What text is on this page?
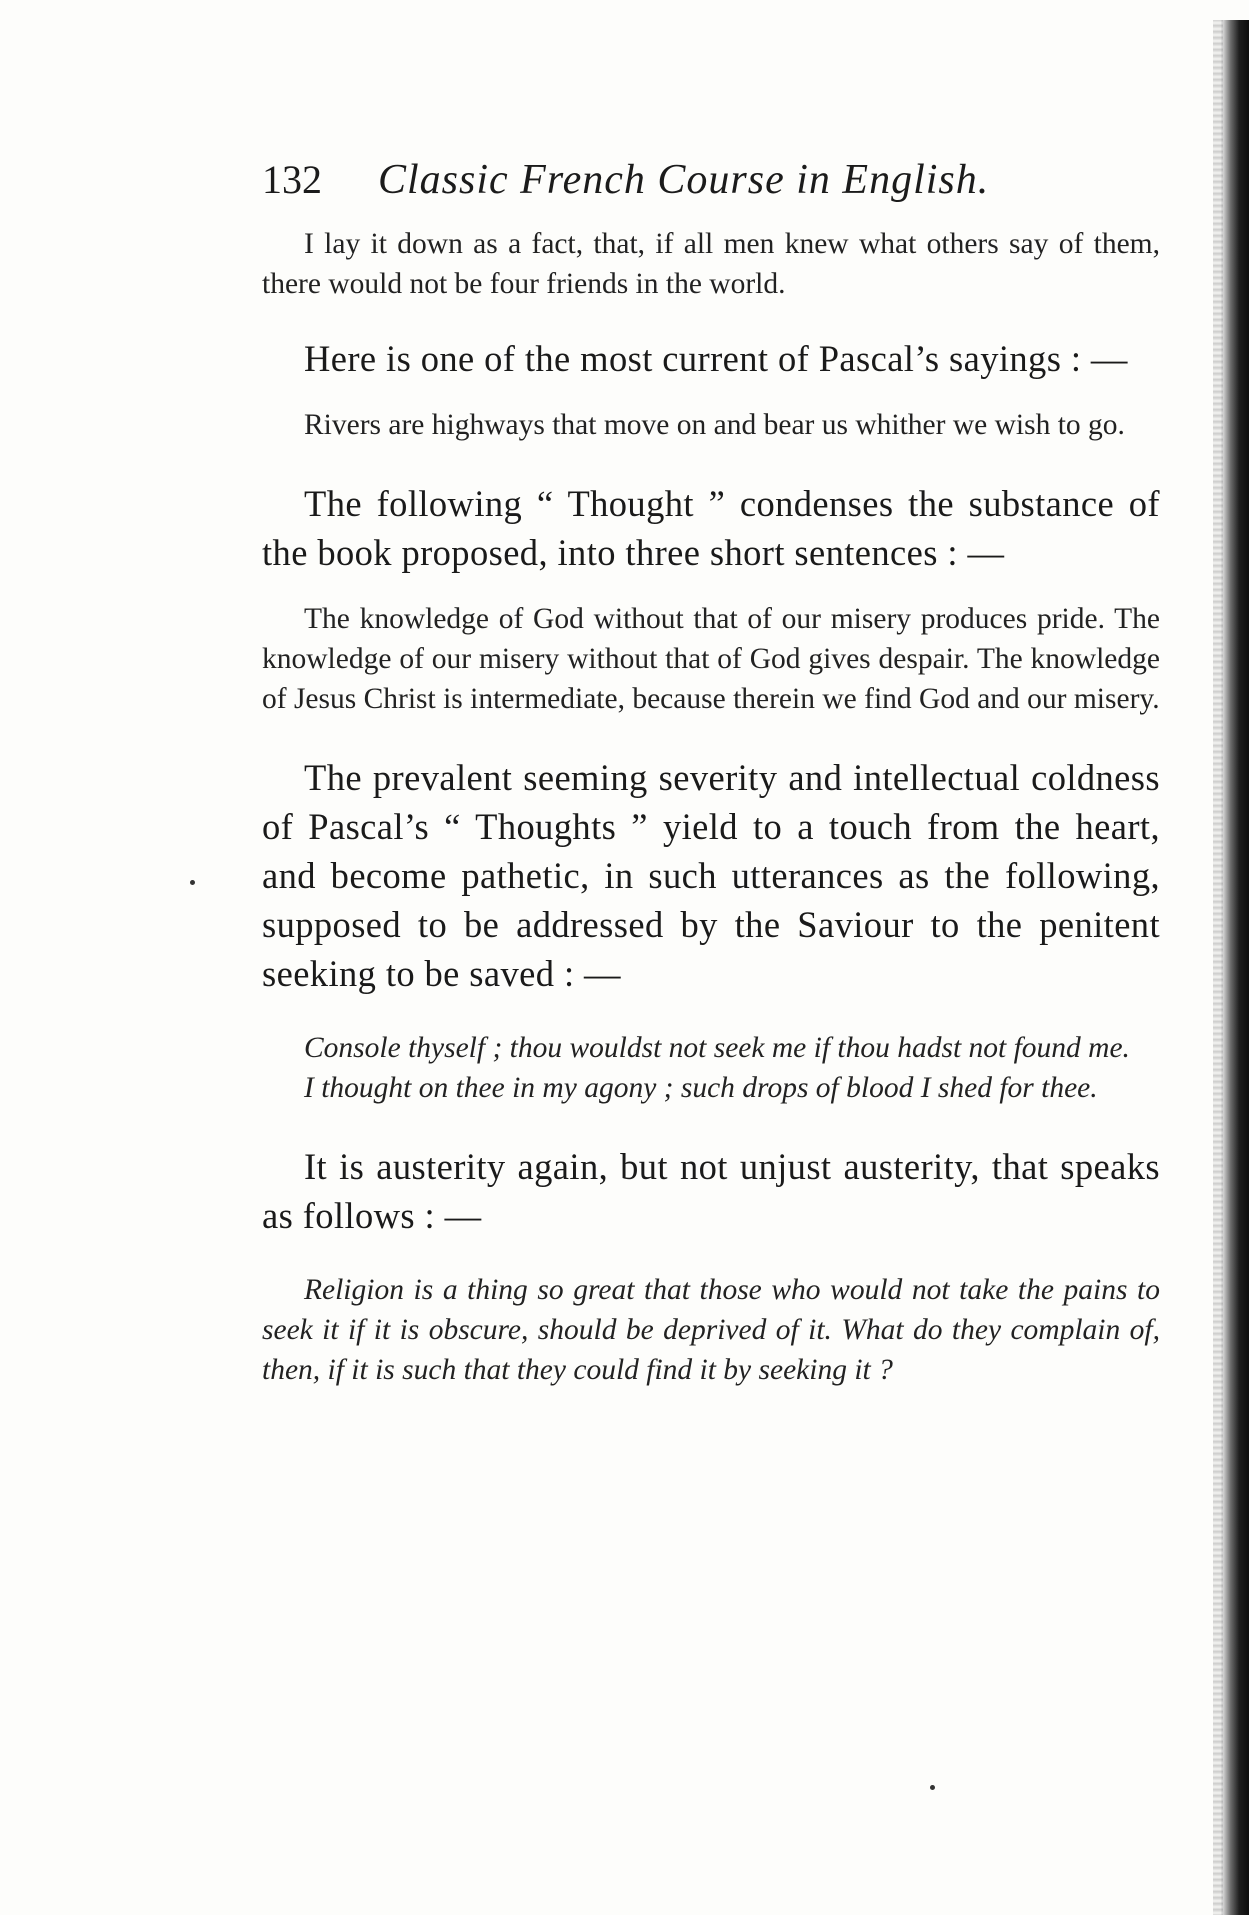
132 Classic French Course in English.

I lay it down as a fact, that, if all men knew what others say of them, there would not be four friends in the world.

Here is one of the most current of Pascal’s sayings : —

Rivers are highways that move on and bear us whither we wish to go.

The following “ Thought ” condenses the substance of the book proposed, into three short sentences : —

The knowledge of God without that of our misery produces pride. The knowledge of our misery without that of God gives despair. The knowledge of Jesus Christ is intermediate, because therein we find God and our misery.

The prevalent seeming severity and intellectual coldness of Pascal’s “ Thoughts ” yield to a touch from the heart, and become pathetic, in such utterances as the following, supposed to be addressed by the Saviour to the penitent seeking to be saved : —

Console thyself ; thou wouldst not seek me if thou hadst not found me.

I thought on thee in my agony ; such drops of blood I shed for thee.

It is austerity again, but not unjust austerity, that speaks as follows : —

Religion is a thing so great that those who would not take the pains to seek it if it is obscure, should be deprived of it. What do they complain of, then, if it is such that they could find it by seeking it ?
